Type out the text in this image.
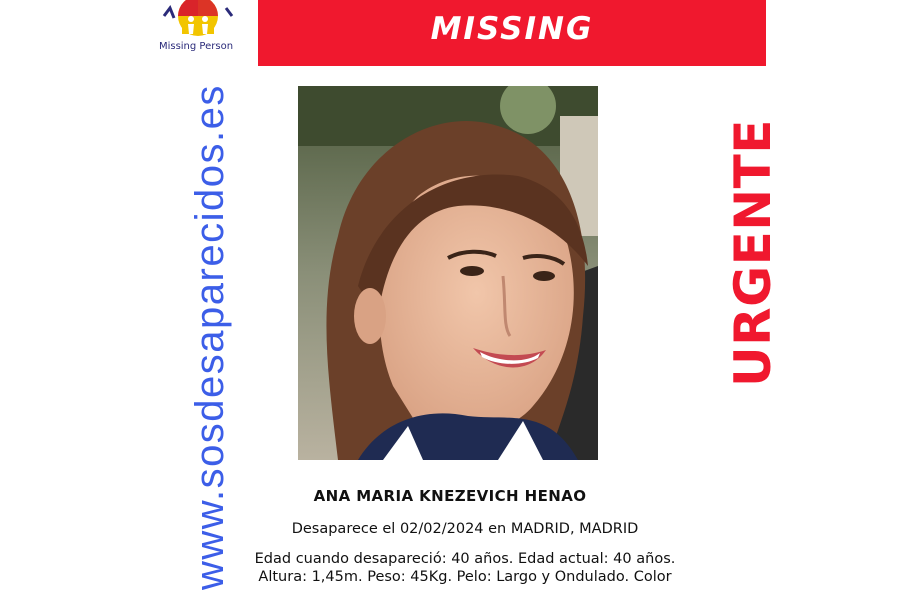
Missing Person	MISSING
www.sosdesaparecidos.es	URGENTE
ANA MARIA KNEZEVICH HENAO
Desaparece el 02/02/2024 en MADRID, MADRID
Edad cuando desapareció: 40 años. Edad actual: 40 años.
Altura: 1,45m. Peso: 45Kg. Pelo: Largo y Ondulado. Color
